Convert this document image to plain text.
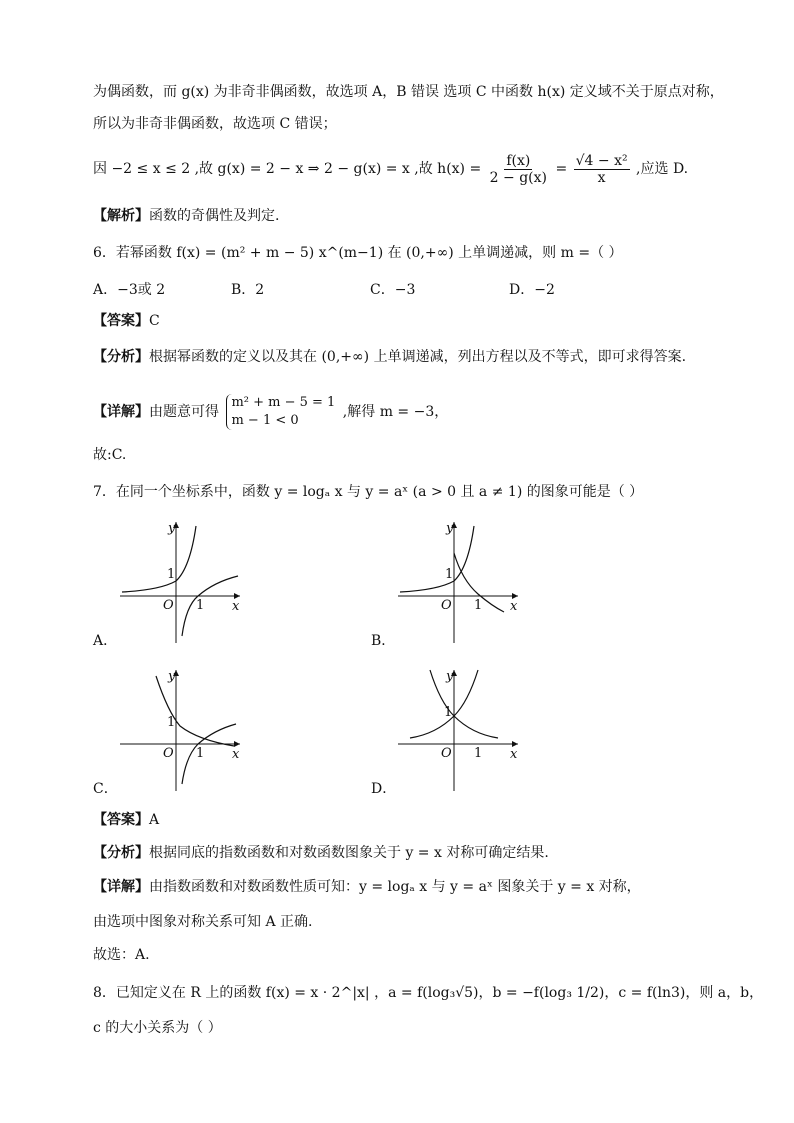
为偶函数，而 g(x) 为非奇非偶函数，故选项 A，B 错误 选项 C 中函数 h(x) 定义域不关于原点对称，
所以为非奇非偶函数，故选项 C 错误；
因 −2 ≤ x ≤ 2 ,故 g(x) = 2 − x ⇒ 2 − g(x) = x ,故 $h(x) = \frac{f(x)}{2 - g(x)} = \frac{\text{√4 − x²}}{x}$ ,应选 D.
【解析】函数的奇偶性及判定.
6．若幂函数 f(x) = (m² + m − 5) x^(m−1) 在 (0,+∞) 上单调递减，则 m =（ ）
A．−3或 2	B．2	C．−3	D．−2
【答案】C
【分析】根据幂函数的定义以及其在 (0,+∞) 上单调递减，列出方程以及不等式，即可求得答案.
【详解】由题意可得
m² + m − 5 = 1
m − 1 < 0
,解得 m = −3，
故:C.
7．在同一个坐标系中，函数 y = logₐ x 与 y = aˣ (a > 0 且 a ≠ 1) 的图象可能是（ ）
y
x
O
1
1
A．
y
x
O
1
1
B．
y
x
O
1
1
C．
y
x
O
1
1
D．
【答案】A
【分析】根据同底的指数函数和对数函数图象关于 y = x 对称可确定结果.
【详解】由指数函数和对数函数性质可知：y = logₐ x 与 y = aˣ 图象关于 y = x 对称，
由选项中图象对称关系可知 A 正确.
故选：A.
8．已知定义在 R 上的函数 f(x) = x · 2^|x| ，a = f(log₃√5)，b = −f(log₃ 1/2)，c = f(ln3)，则 a，b，
c 的大小关系为（ ）
